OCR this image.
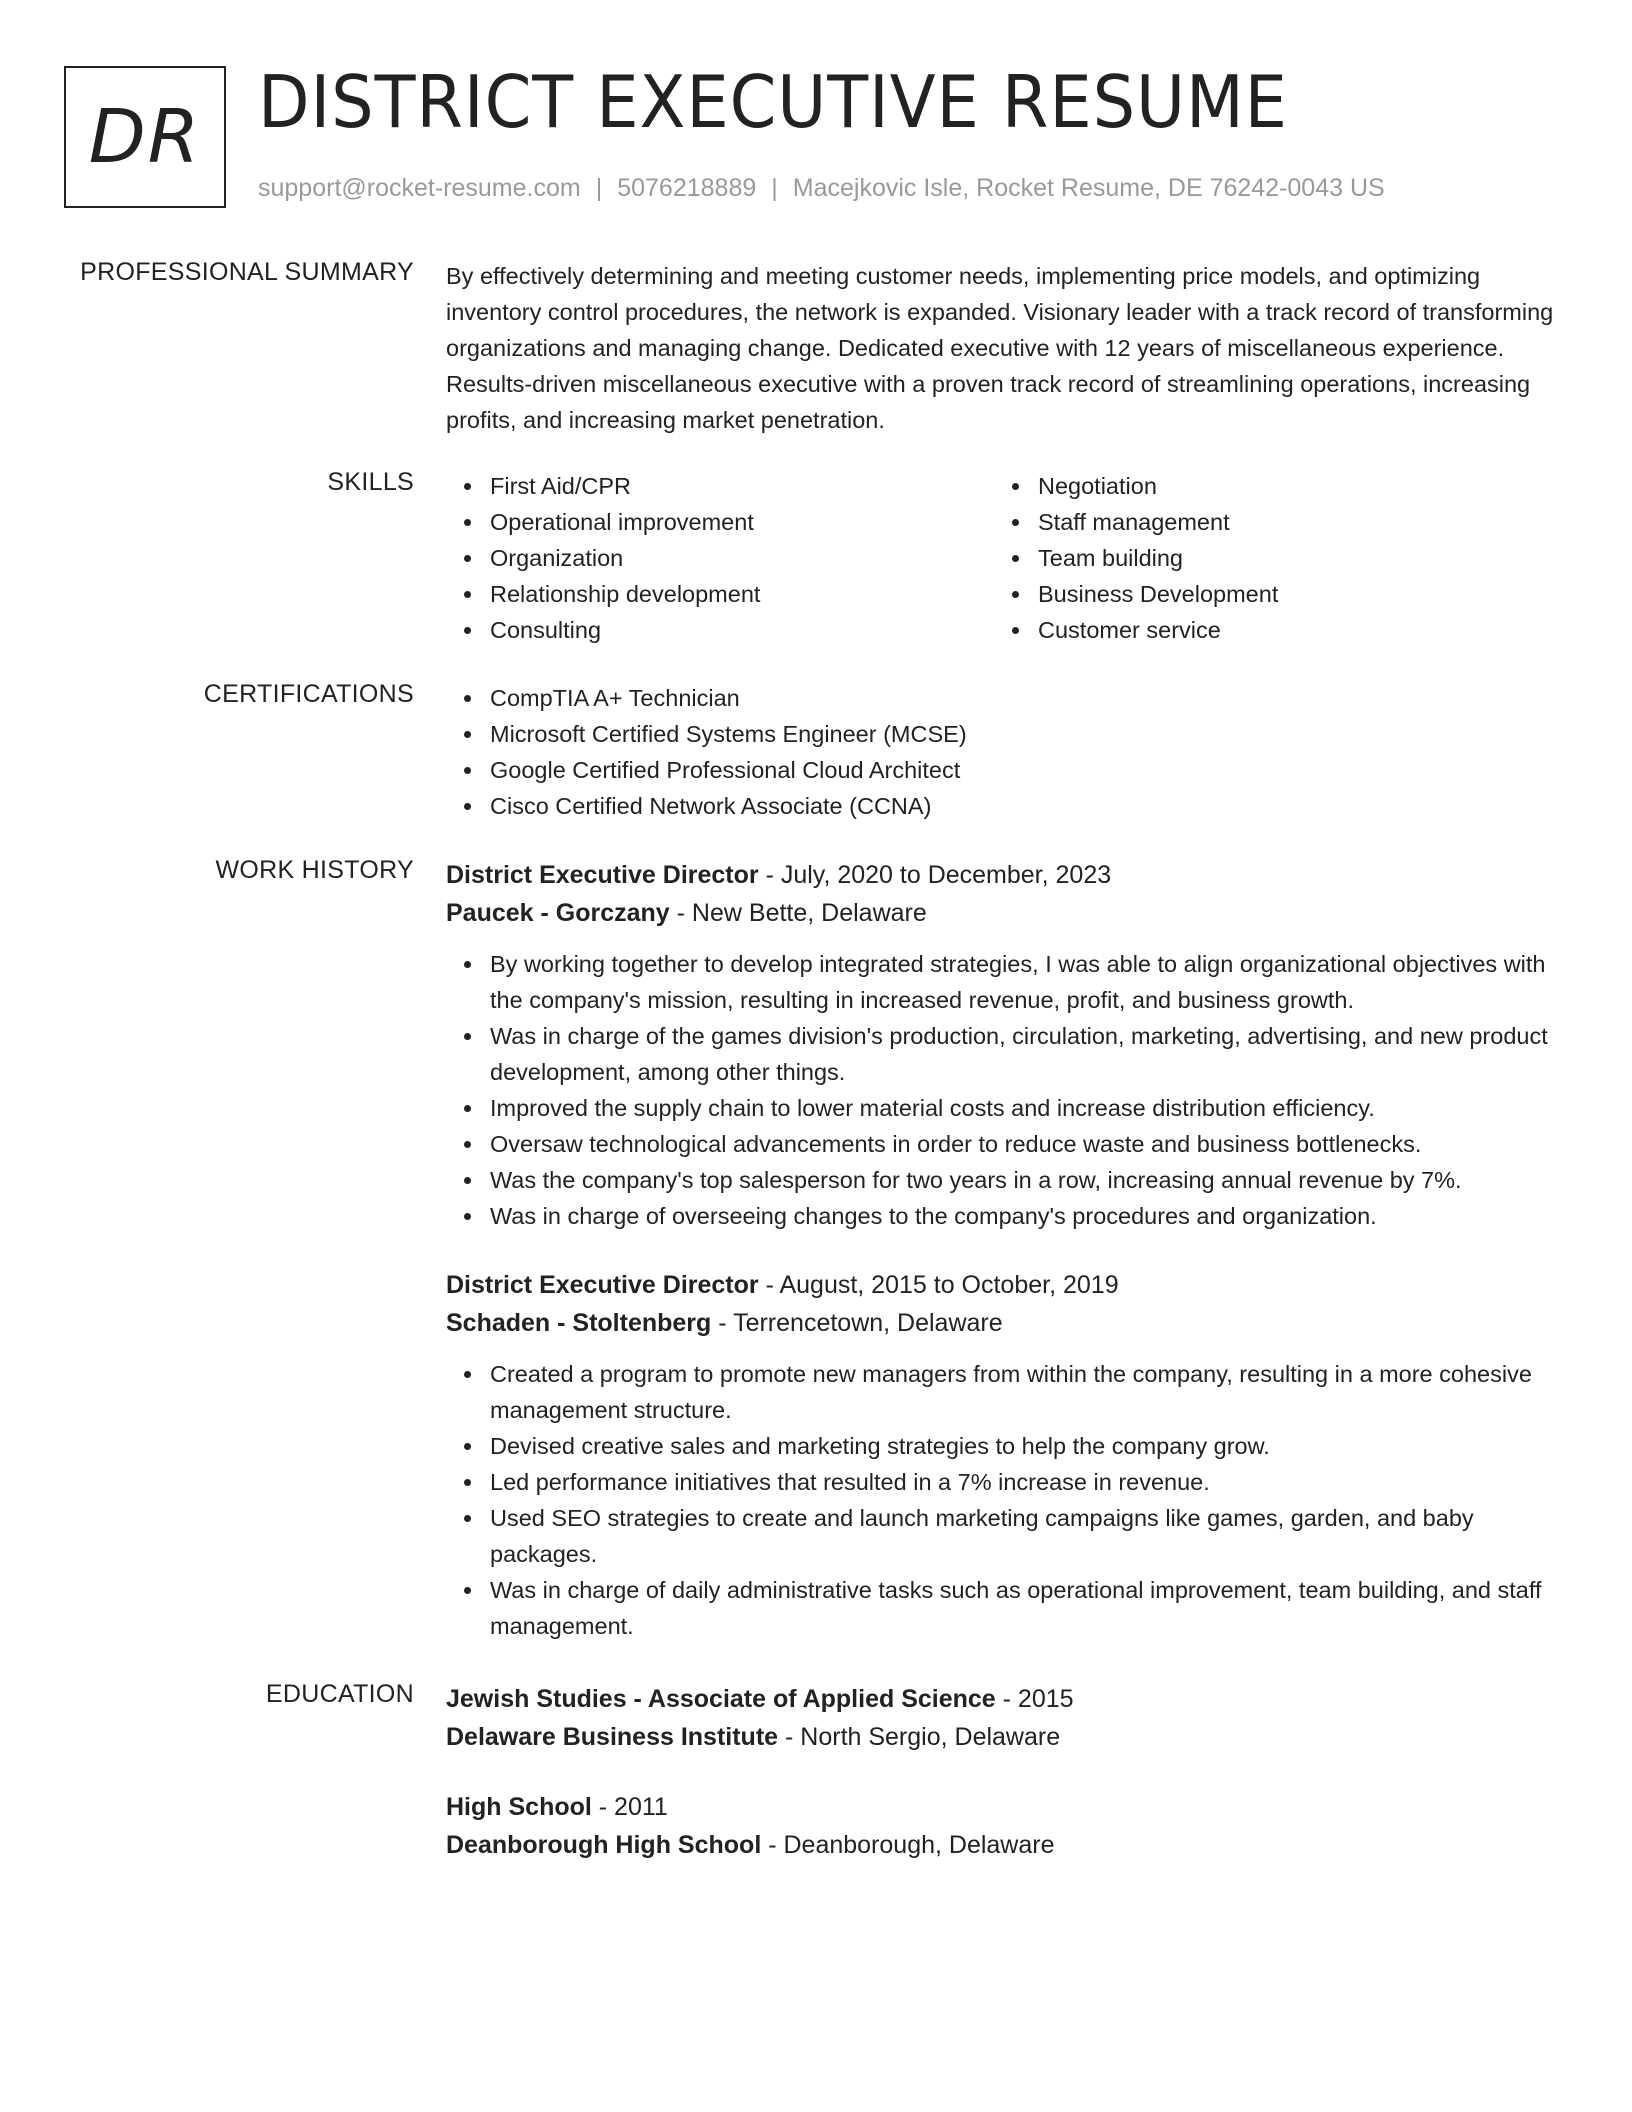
DR DISTRICT EXECUTIVE RESUME
support@rocket-resume.com | 5076218889 | Macejkovic Isle, Rocket Resume, DE 76242-0043 US
PROFESSIONAL SUMMARY By effectively determining and meeting customer needs, implementing price models, and optimizing inventory control procedures, the network is expanded. Visionary leader with a track record of transforming organizations and managing change. Dedicated executive with 12 years of miscellaneous experience. Results-driven miscellaneous executive with a proven track record of streamlining operations, increasing profits, and increasing market penetration.
SKILLS	First Aid/CPR
Operational improvement
Organization
Relationship development
Consulting
Negotiation
Staff management
Team building
Business Development
Customer service
CERTIFICATIONS	CompTIA A+ Technician
Microsoft Certified Systems Engineer (MCSE)
Google Certified Professional Cloud Architect
Cisco Certified Network Associate (CCNA)
WORK HISTORY District Executive Director - July, 2020 to December, 2023
Paucek - Gorczany - New Bette, Delaware
By working together to develop integrated strategies, I was able to align organizational objectives with the company's mission, resulting in increased revenue, profit, and business growth.
Was in charge of the games division's production, circulation, marketing, advertising, and new product development, among other things.
Improved the supply chain to lower material costs and increase distribution efficiency.
Oversaw technological advancements in order to reduce waste and business bottlenecks.
Was the company's top salesperson for two years in a row, increasing annual revenue by 7%.
Was in charge of overseeing changes to the company's procedures and organization.
District Executive Director - August, 2015 to October, 2019
Schaden - Stoltenberg - Terrencetown, Delaware
Created a program to promote new managers from within the company, resulting in a more cohesive management structure.
Devised creative sales and marketing strategies to help the company grow.
Led performance initiatives that resulted in a 7% increase in revenue.
Used SEO strategies to create and launch marketing campaigns like games, garden, and baby packages.
Was in charge of daily administrative tasks such as operational improvement, team building, and staff management.
EDUCATION Jewish Studies - Associate of Applied Science - 2015
Delaware Business Institute - North Sergio, Delaware
High School - 2011
Deanborough High School - Deanborough, Delaware
